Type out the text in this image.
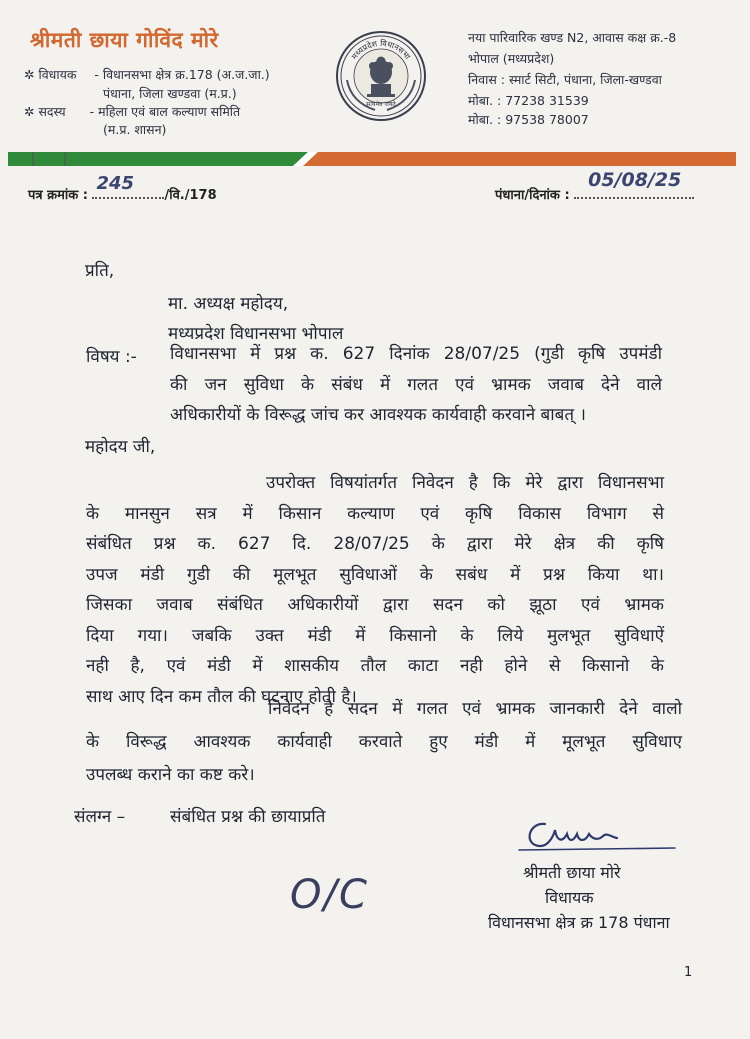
श्रीमती छाया गोविंद मोरे
✲ विधायक - विधानसभा क्षेत्र क्र.178 (अ.ज.जा.)
पंधाना, जिला खण्डवा (म.प्र.)
✲ सदस्य - महिला एवं बाल कल्याण समिति
(म.प्र. शासन)
मध्यप्रदेश विधानसभा
सत्यमेव जयते
नया पारिवारिक खण्ड N2, आवास कक्ष क्र.-8
भोपाल (मध्यप्रदेश)
निवास : स्मार्ट सिटी, पंधाना, जिला-खण्डवा
मोबा. : 77238 31539
मोबा. : 97538 78007
पत्र क्रमांक :
245
/वि./178	पंधाना/दिनांक :
05/08/25
प्रति,
मा. अध्यक्ष महोदय,
मध्यप्रदेश विधानसभा भोपाल
विषय :- विधानसभा में प्रश्न क. 627 दिनांक 28/07/25 (गुडी कृषि उपमंडी
की जन सुविधा के संबंध में गलत एवं भ्रामक जवाब देने वाले
अधिकारीयों के विरूद्ध जांच कर आवश्यक कार्यवाही करवाने बाबत् ।
महोदय जी,
उपरोक्त विषयांतर्गत निवेदन है कि मेरे द्वारा विधानसभा
के मानसुन सत्र में किसान कल्याण एवं कृषि विकास विभाग से
संबंधित प्रश्न क. 627 दि. 28/07/25 के द्वारा मेरे क्षेत्र की कृषि
उपज मंडी गुडी की मूलभूत सुविधाओं के सबंध में प्रश्न किया था।
जिसका जवाब संबंधित अधिकारीयों द्वारा सदन को झूठा एवं भ्रामक
दिया गया। जबकि उक्त मंडी में किसानो के लिये मुलभूत सुविधाऐं
नही है, एवं मंडी में शासकीय तौल काटा नही होने से किसानो के
साथ आए दिन कम तौल की घटनाए होती है।
निवेदन है सदन में गलत एवं भ्रामक जानकारी देने वालो
के विरूद्ध आवश्यक कार्यवाही करवाते हुए मंडी में मूलभूत सुविधाए
उपलब्ध कराने का कष्ट करे।
संलग्न –	संबंधित प्रश्न की छायाप्रति
श्रीमती छाया मोरे
विधायक
विधानसभा क्षेत्र क्र 178 पंधाना
O/C
1
